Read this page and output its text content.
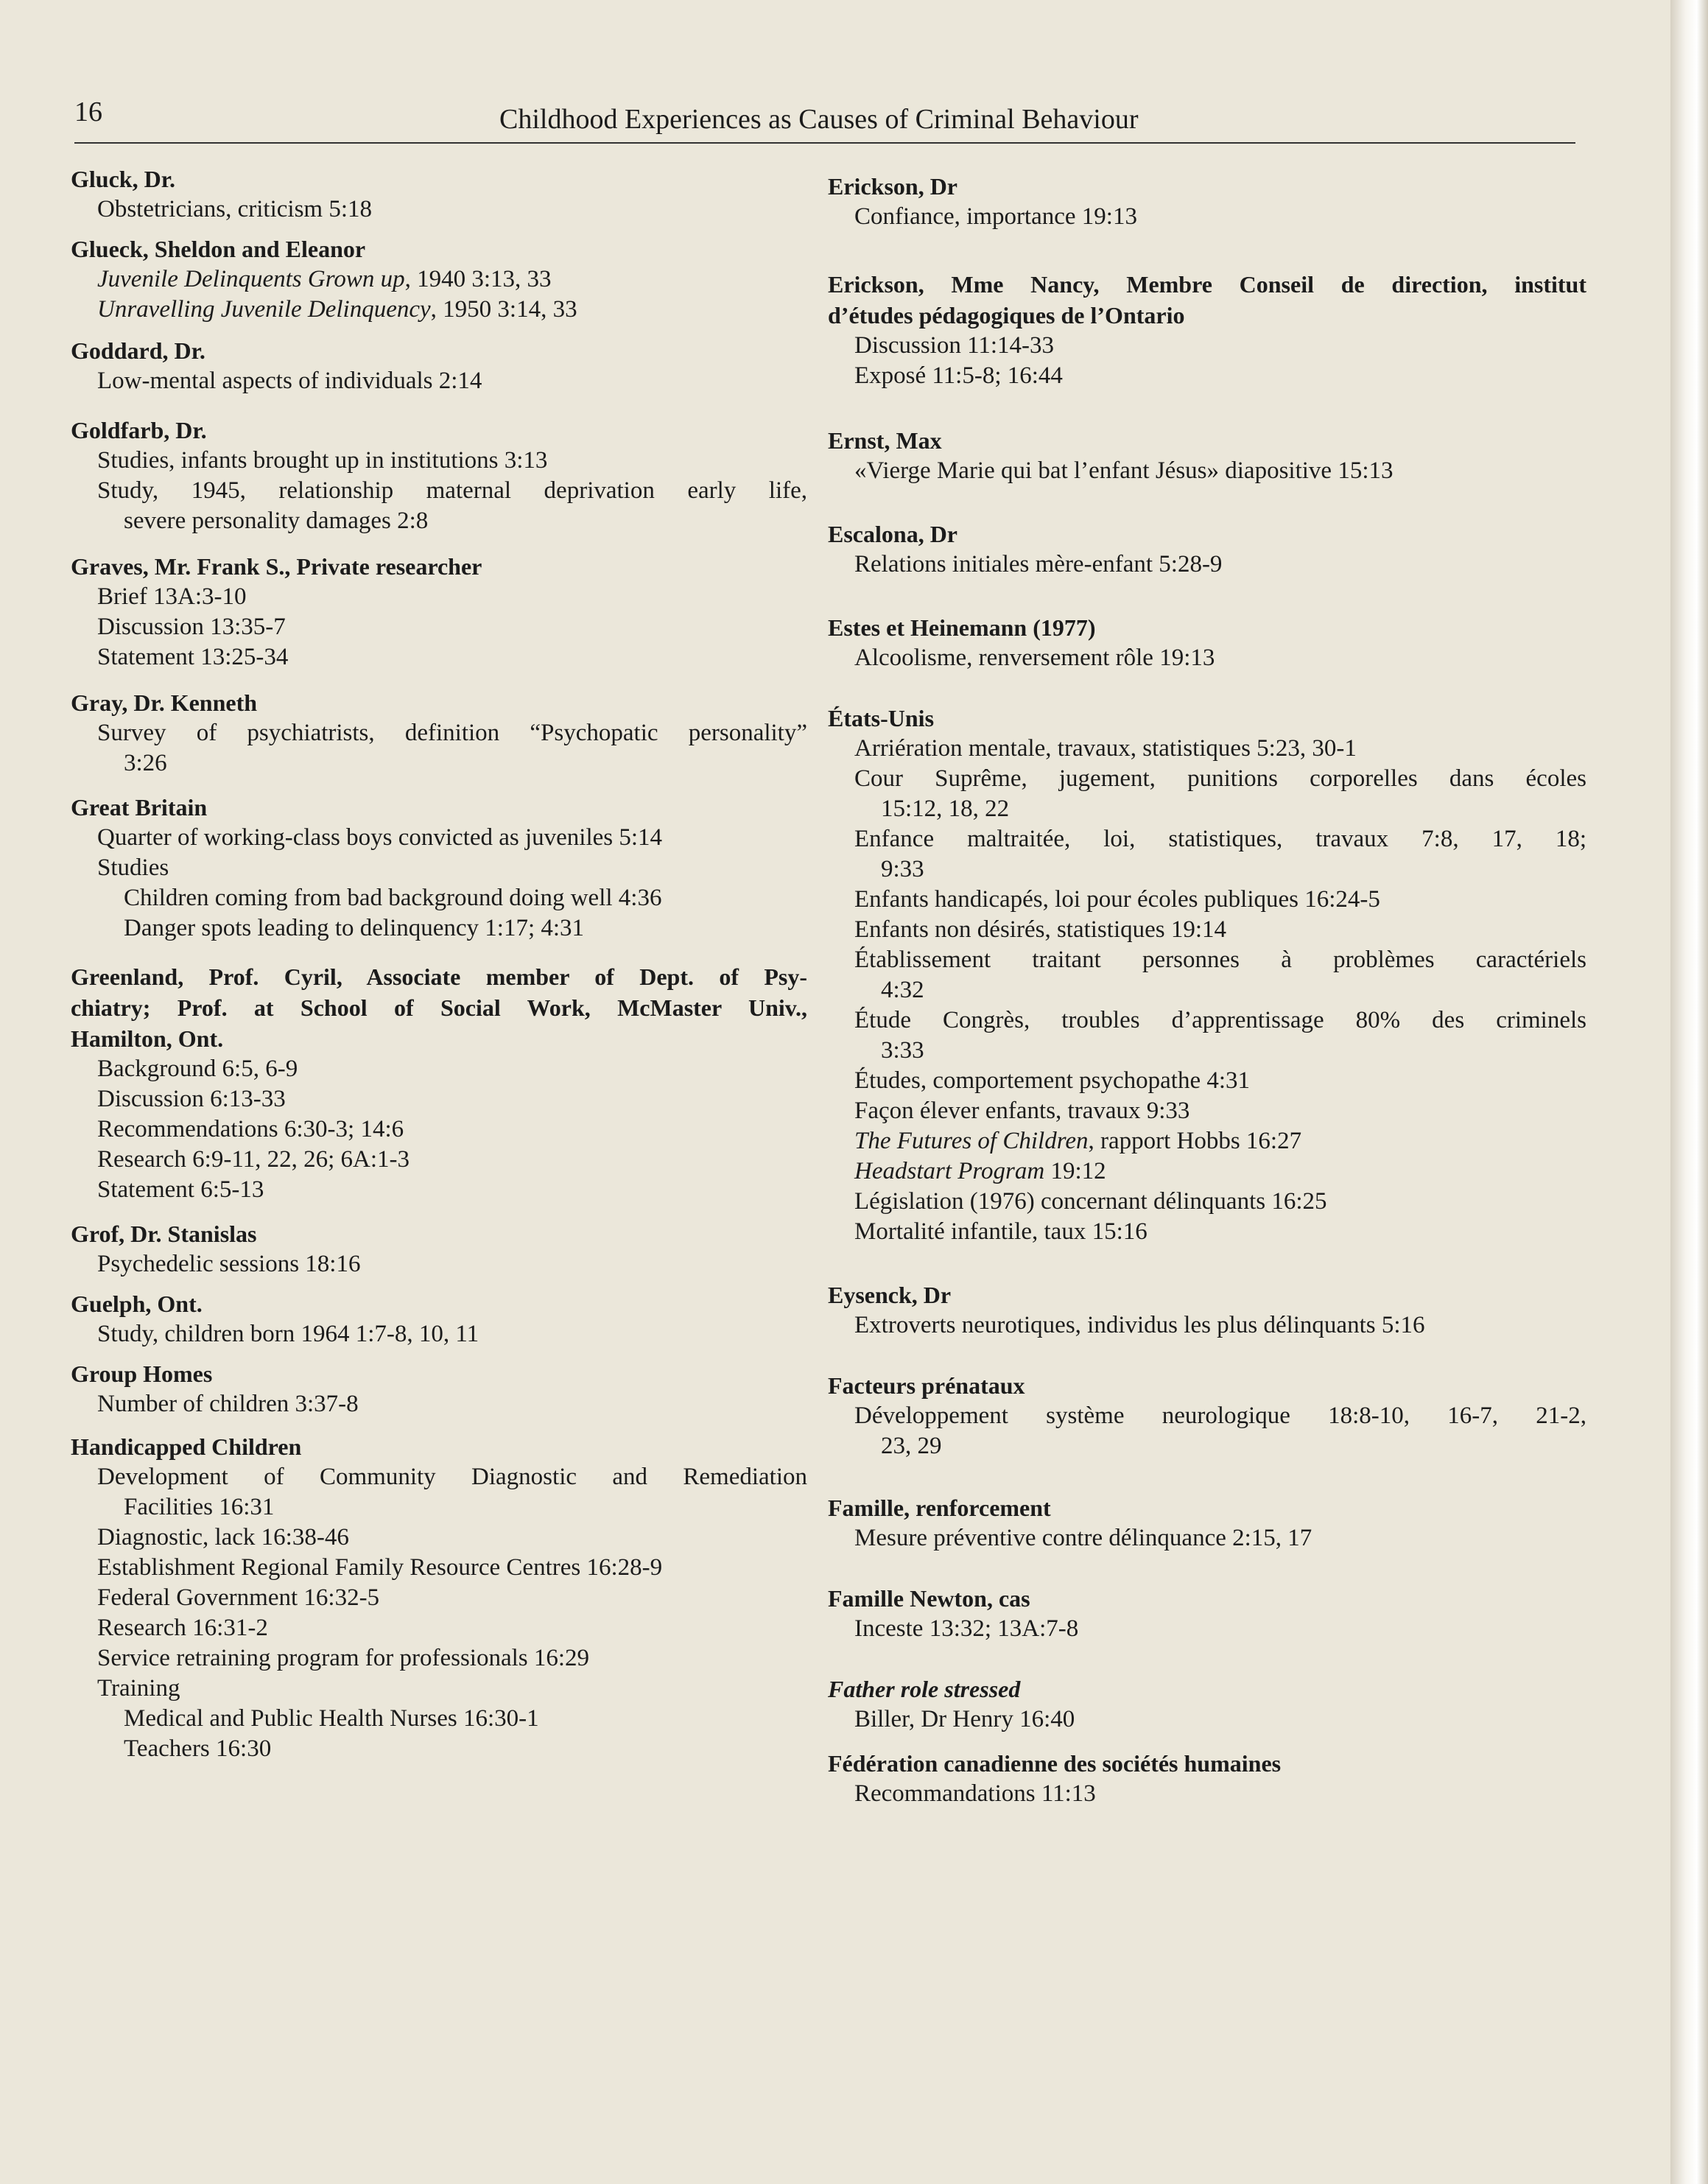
16	Childhood Experiences as Causes of Criminal Behaviour
Gluck, Dr.
Obstetricians, criticism 5:18
Glueck, Sheldon and Eleanor
Juvenile Delinquents Grown up, 1940 3:13, 33
Unravelling Juvenile Delinquency, 1950 3:14, 33
Goddard, Dr.
Low-mental aspects of individuals 2:14
Goldfarb, Dr.
Studies, infants brought up in institutions 3:13
Study, 1945, relationship maternal deprivation early life,
severe personality damages 2:8
Graves, Mr. Frank S., Private researcher
Brief 13A:3-10
Discussion 13:35-7
Statement 13:25-34
Gray, Dr. Kenneth
Survey of psychiatrists, definition “Psychopatic personality”
3:26
Great Britain
Quarter of working-class boys convicted as juveniles 5:14
Studies
Children coming from bad background doing well 4:36
Danger spots leading to delinquency 1:17; 4:31
Greenland, Prof. Cyril, Associate member of Dept. of Psy-
chiatry; Prof. at School of Social Work, McMaster Univ.,
Hamilton, Ont.
Background 6:5, 6-9
Discussion 6:13-33
Recommendations 6:30-3; 14:6
Research 6:9-11, 22, 26; 6A:1-3
Statement 6:5-13
Grof, Dr. Stanislas
Psychedelic sessions 18:16
Guelph, Ont.
Study, children born 1964 1:7-8, 10, 11
Group Homes
Number of children 3:37-8
Handicapped Children
Development of Community Diagnostic and Remediation
Facilities 16:31
Diagnostic, lack 16:38-46
Establishment Regional Family Resource Centres 16:28-9
Federal Government 16:32-5
Research 16:31-2
Service retraining program for professionals 16:29
Training
Medical and Public Health Nurses 16:30-1
Teachers 16:30
Erickson, Dr
Confiance, importance 19:13
Erickson, Mme Nancy, Membre Conseil de direction, institut
d’études pédagogiques de l’Ontario
Discussion 11:14-33
Exposé 11:5-8; 16:44
Ernst, Max
«Vierge Marie qui bat l’enfant Jésus» diapositive 15:13
Escalona, Dr
Relations initiales mère-enfant 5:28-9
Estes et Heinemann (1977)
Alcoolisme, renversement rôle 19:13
États-Unis
Arriération mentale, travaux, statistiques 5:23, 30-1
Cour Suprême, jugement, punitions corporelles dans écoles
15:12, 18, 22
Enfance maltraitée, loi, statistiques, travaux 7:8, 17, 18;
9:33
Enfants handicapés, loi pour écoles publiques 16:24-5
Enfants non désirés, statistiques 19:14
Établissement traitant personnes à problèmes caractériels
4:32
Étude Congrès, troubles d’apprentissage 80% des criminels
3:33
Études, comportement psychopathe 4:31
Façon élever enfants, travaux 9:33
The Futures of Children, rapport Hobbs 16:27
Headstart Program 19:12
Législation (1976) concernant délinquants 16:25
Mortalité infantile, taux 15:16
Eysenck, Dr
Extroverts neurotiques, individus les plus délinquants 5:16
Facteurs prénataux
Développement système neurologique 18:8-10, 16-7, 21-2,
23, 29
Famille, renforcement
Mesure préventive contre délinquance 2:15, 17
Famille Newton, cas
Inceste 13:32; 13A:7-8
Father role stressed
Biller, Dr Henry 16:40
Fédération canadienne des sociétés humaines
Recommandations 11:13
